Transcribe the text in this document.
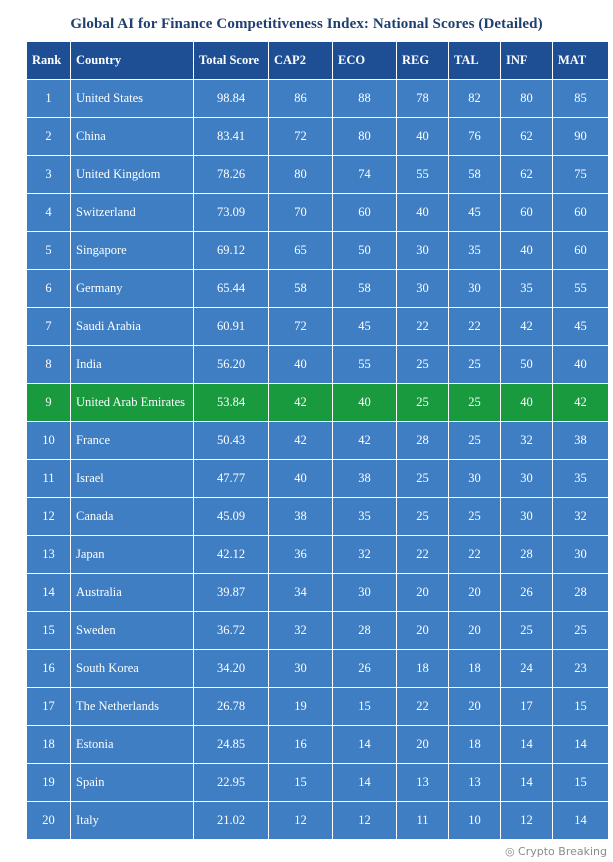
Global AI for Finance Competitiveness Index: National Scores (Detailed)
Rank	Country	Total Score	CAP2	ECO	REG	TAL	INF	MAT
1	United States	98.84	86	88	78	82	80	85
2	China	83.41	72	80	40	76	62	90
3	United Kingdom	78.26	80	74	55	58	62	75
4	Switzerland	73.09	70	60	40	45	60	60
5	Singapore	69.12	65	50	30	35	40	60
6	Germany	65.44	58	58	30	30	35	55
7	Saudi Arabia	60.91	72	45	22	22	42	45
8	India	56.20	40	55	25	25	50	40
9	United Arab Emirates	53.84	42	40	25	25	40	42
10	France	50.43	42	42	28	25	32	38
11	Israel	47.77	40	38	25	30	30	35
12	Canada	45.09	38	35	25	25	30	32
13	Japan	42.12	36	32	22	22	28	30
14	Australia	39.87	34	30	20	20	26	28
15	Sweden	36.72	32	28	20	20	25	25
16	South Korea	34.20	30	26	18	18	24	23
17	The Netherlands	26.78	19	15	22	20	17	15
18	Estonia	24.85	16	14	20	18	14	14
19	Spain	22.95	15	14	13	13	14	15
20	Italy	21.02	12	12	11	10	12	14
◎ Crypto Breaking
